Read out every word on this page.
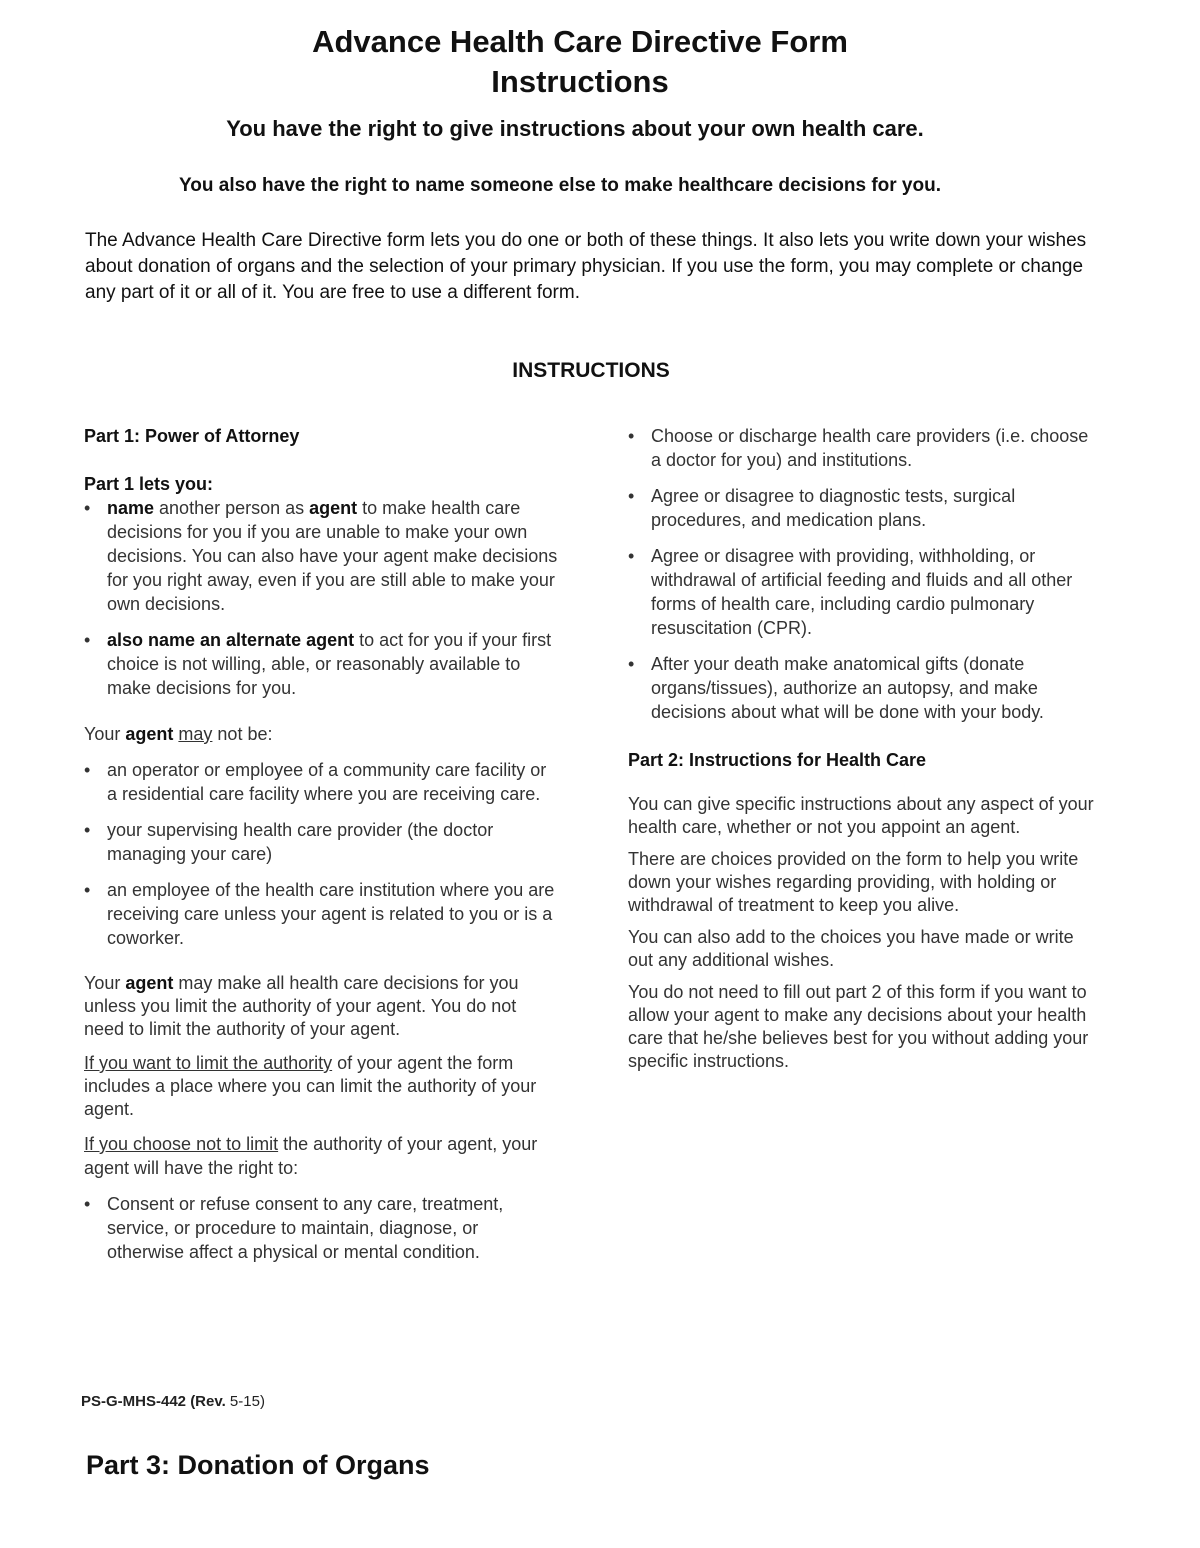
Advance Health Care Directive Form
Instructions
You have the right to give instructions about your own health care.
You also have the right to name someone else to make healthcare decisions for you.

The Advance Health Care Directive form lets you do one or both of these things. It also lets you write down your wishes about donation of organs and the selection of your primary physician. If you use the form, you may complete or change any part of it or all of it. You are free to use a different form.

INSTRUCTIONS

Part 1: Power of Attorney

Part 1 lets you:

• name another person as agent to make health care decisions for you if you are unable to make your own decisions. You can also have your agent make decisions for you right away, even if you are still able to make your own decisions.
• also name an alternate agent to act for you if your first choice is not willing, able, or reasonably available to make decisions for you.

Your agent may not be:

• an operator or employee of a community care facility or a residential care facility where you are receiving care.
• your supervising health care provider (the doctor managing your care)
• an employee of the health care institution where you are receiving care unless your agent is related to you or is a coworker.

Your agent may make all health care decisions for you unless you limit the authority of your agent. You do not need to limit the authority of your agent.

If you want to limit the authority of your agent the form includes a place where you can limit the authority of your agent.

If you choose not to limit the authority of your agent, your agent will have the right to:

• Consent or refuse consent to any care, treatment, service, or procedure to maintain, diagnose, or otherwise affect a physical or mental condition.
• Choose or discharge health care providers (i.e. choose a doctor for you) and institutions.
• Agree or disagree to diagnostic tests, surgical procedures, and medication plans.
• Agree or disagree with providing, withholding, or withdrawal of artificial feeding and fluids and all other forms of health care, including cardio pulmonary resuscitation (CPR).
• After your death make anatomical gifts (donate organs/tissues), authorize an autopsy, and make decisions about what will be done with your body.

Part 2: Instructions for Health Care

You can give specific instructions about any aspect of your health care, whether or not you appoint an agent.

There are choices provided on the form to help you write down your wishes regarding providing, with holding or withdrawal of treatment to keep you alive.

You can also add to the choices you have made or write out any additional wishes.

You do not need to fill out part 2 of this form if you want to allow your agent to make any decisions about your health care that he/she believes best for you without adding your specific instructions.

PS-G-MHS-442 (Rev. 5-15)
Part 3: Donation of Organs
